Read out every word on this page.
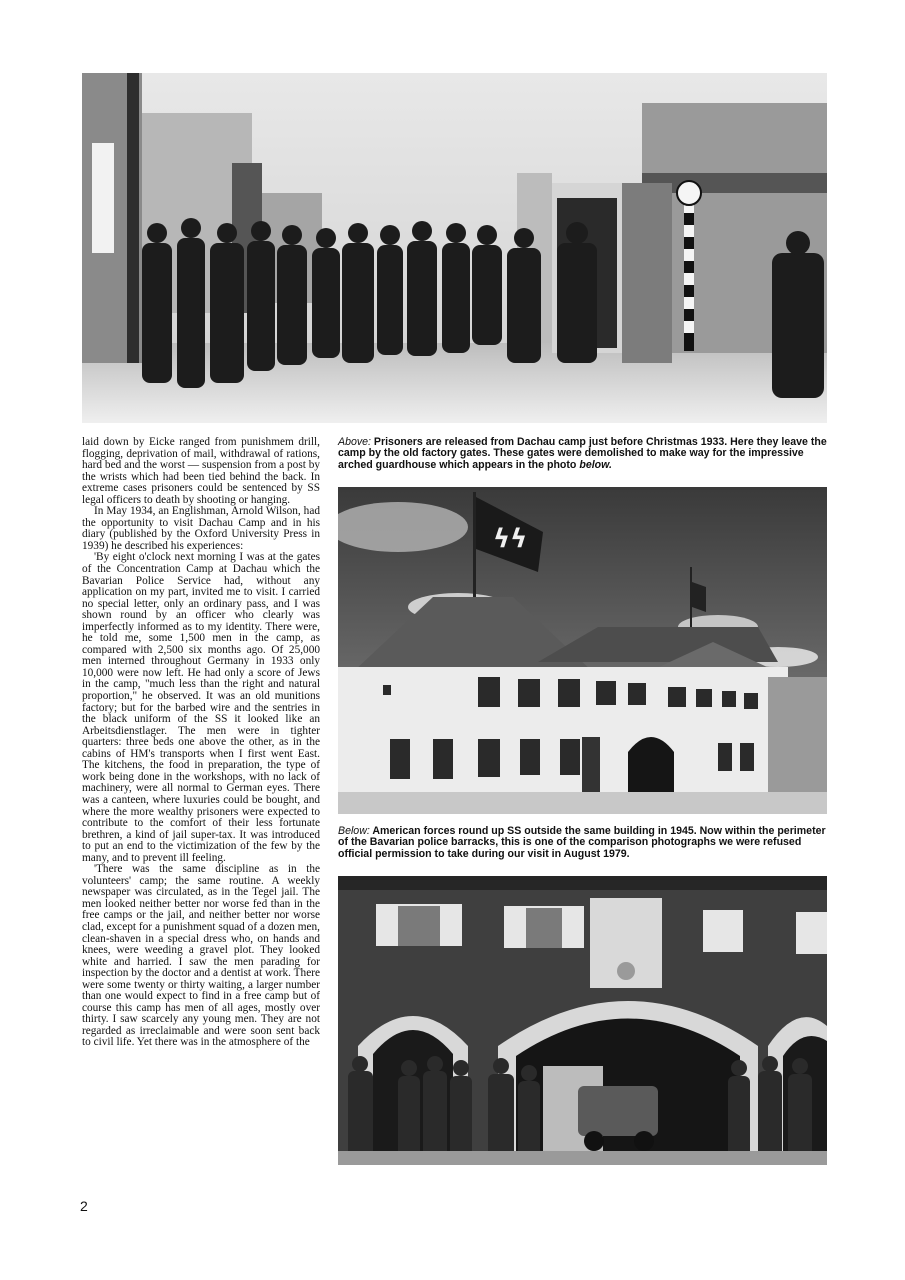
Above: Prisoners are released from Dachau camp just before Christmas 1933. Here they leave the camp by the old factory gates. These gates were demolished to make way for the impressive arched guardhouse which appears in the photo below.
ϟϟ
Below: American forces round up SS outside the same building in 1945. Now within the perimeter of the Bavarian police barracks, this is one of the comparison photographs we were refused official permission to take during our visit in August 1979.

laid down by Eicke ranged from punishmem drill, flogging, deprivation of mail, withdrawal of rations, hard bed and the worst — suspension from a post by the wrists which had been tied behind the back. In extreme cases prisoners could be sentenced by SS legal officers to death by shooting or hanging.

In May 1934, an Englishman, Arnold Wilson, had the opportunity to visit Dachau Camp and in his diary (published by the Oxford University Press in 1939) he described his experiences:

'By eight o'clock next morning I was at the gates of the Concentration Camp at Dachau which the Bavarian Police Service had, without any application on my part, invited me to visit. I carried no special letter, only an ordinary pass, and I was shown round by an officer who clearly was imperfectly informed as to my identity. There were, he told me, some 1,500 men in the camp, as compared with 2,500 six months ago. Of 25,000 men interned throughout Germany in 1933 only 10,000 were now left. He had only a score of Jews in the camp, "much less than the right and natural proportion," he observed. It was an old munitions factory; but for the barbed wire and the sentries in the black uniform of the SS it looked like an Arbeitsdienstlager. The men were in tighter quarters: three beds one above the other, as in the cabins of HM's transports when I first went East. The kitchens, the food in preparation, the type of work being done in the workshops, with no lack of machinery, were all normal to German eyes. There was a canteen, where luxuries could be bought, and where the more wealthy prisoners were expected to contribute to the comfort of their less fortunate brethren, a kind of jail super-tax. It was introduced to put an end to the victimization of the few by the many, and to prevent ill feeling.

'There was the same discipline as in the volunteers' camp; the same routine. A weekly newspaper was circulated, as in the Tegel jail. The men looked neither better nor worse fed than in the free camps or the jail, and neither better nor worse clad, except for a punishment squad of a dozen men, clean-shaven in a special dress who, on hands and knees, were weeding a gravel plot. They looked white and harried. I saw the men parading for inspection by the doctor and a dentist at work. There were some twenty or thirty waiting, a larger number than one would expect to find in a free camp but of course this camp has men of all ages, mostly over thirty. I saw scarcely any young men. They are not regarded as irreclaimable and were soon sent back to civil life. Yet there was in the atmosphere of the

2
